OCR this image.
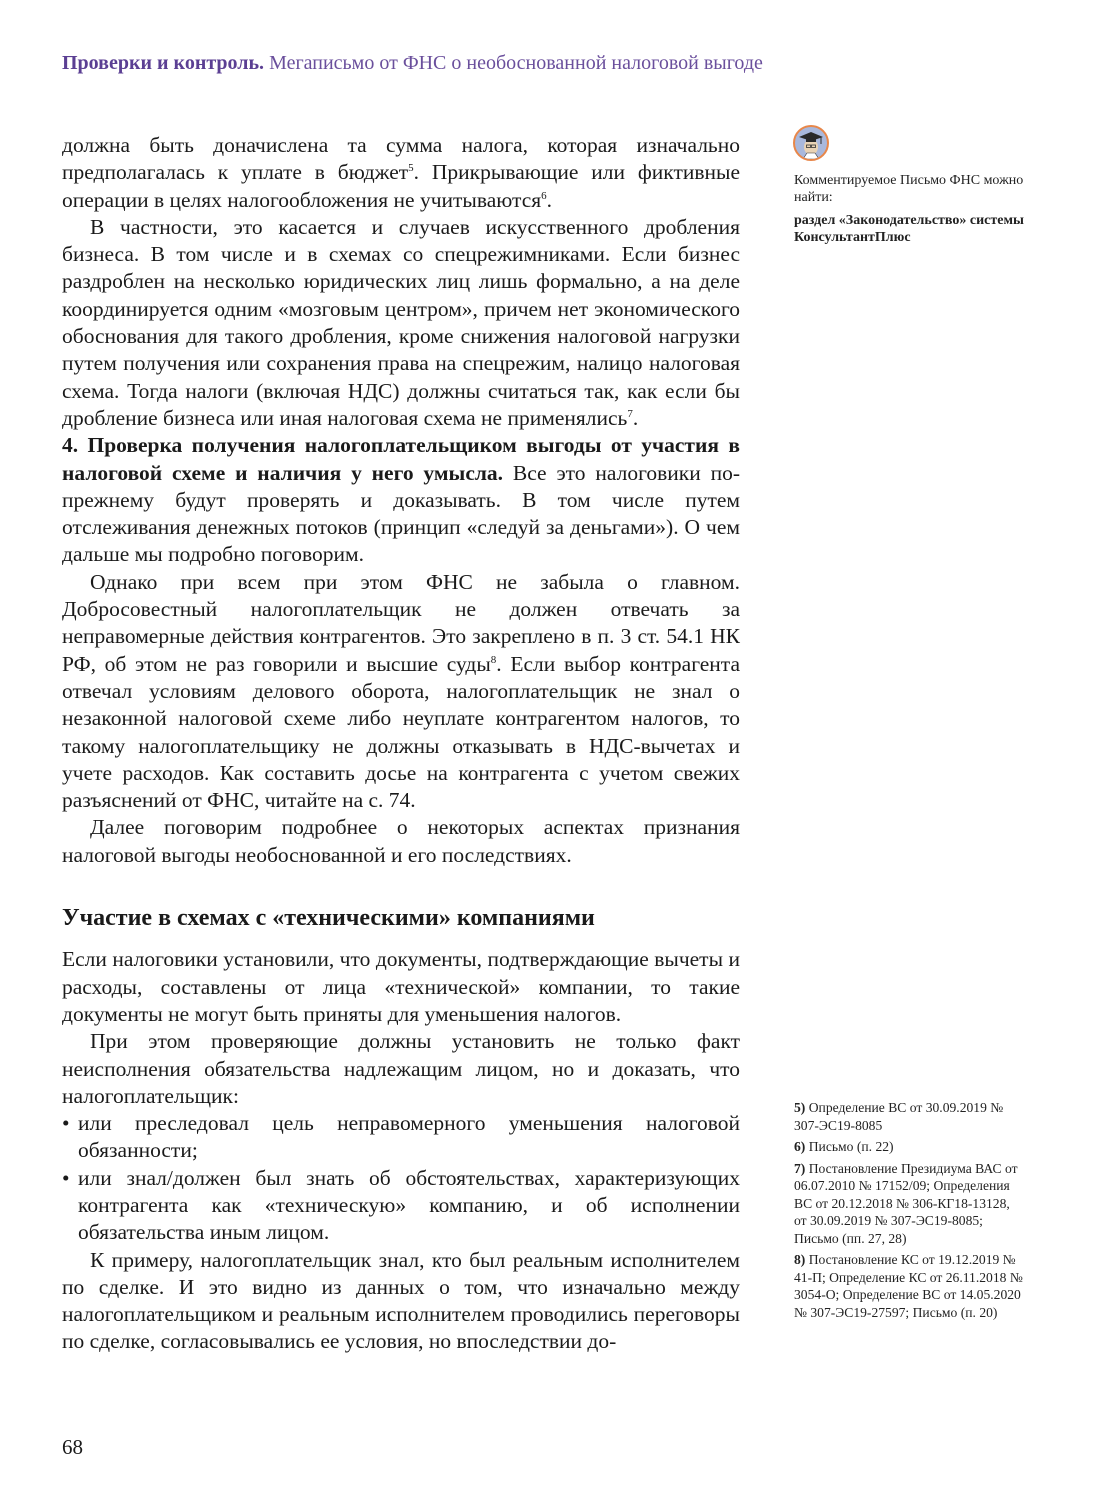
Проверки и контроль. Мегаписьмо от ФНС о необоснованной налоговой выгоде

должна быть доначислена та сумма налога, которая изначально предполагалась к уплате в бюджет$^5$. Прикрывающие или фиктивные операции в целях налогообложения не учитываются$^6$.

В частности, это касается и случаев искусственного дробления бизнеса. В том числе и в схемах со спецрежимниками. Если бизнес раздроблен на несколько юридических лиц лишь формально, а на деле координируется одним «мозговым центром», причем нет экономического обоснования для такого дробления, кроме снижения налоговой нагрузки путем получения или сохранения права на спецрежим, налицо налоговая схема. Тогда налоги (включая НДС) должны считаться так, как если бы дробление бизнеса или иная налоговая схема не применялись$^7$.

4. Проверка получения налогоплательщиком выгоды от участия в налоговой схеме и наличия у него умысла. Все это налоговики по-прежнему будут проверять и доказывать. В том числе путем отслеживания денежных потоков (принцип «следуй за деньгами»). О чем дальше мы подробно поговорим.

Однако при всем при этом ФНС не забыла о главном. Добросовестный налогоплательщик не должен отвечать за неправомерные действия контрагентов. Это закреплено в п. 3 ст. 54.1 НК РФ, об этом не раз говорили и высшие суды$^8$. Если выбор контрагента отвечал условиям делового оборота, налогоплательщик не знал о незаконной налоговой схеме либо неуплате контрагентом налогов, то такому налогоплательщику не должны отказывать в НДС-вычетах и учете расходов. Как составить досье на контрагента с учетом свежих разъяснений от ФНС, читайте на с. 74.

Далее поговорим подробнее о некоторых аспектах признания налоговой выгоды необоснованной и его последствиях.

Участие в схемах с «техническими» компаниями

Если налоговики установили, что документы, подтверждающие вычеты и расходы, составлены от лица «технической» компании, то такие документы не могут быть приняты для уменьшения налогов.

При этом проверяющие должны установить не только факт неисполнения обязательства надлежащим лицом, но и доказать, что налогоплательщик:

• или преследовал цель неправомерного уменьшения налоговой обязанности;

• или знал/должен был знать об обстоятельствах, характеризующих контрагента как «техническую» компанию, и об исполнении обязательства иным лицом.

К примеру, налогоплательщик знал, кто был реальным исполнителем по сделке. И это видно из данных о том, что изначально между налогоплательщиком и реальным исполнителем проводились переговоры по сделке, согласовывались ее условия, но впоследствии до-

Комментируемое Письмо ФНС можно найти:
раздел «Законодательство» системы КонсультантПлюс
5) Определение ВС от 30.09.2019 № 307-ЭС19-8085
6) Письмо (п. 22)
7) Постановление Президиума ВАС от 06.07.2010 № 17152/09; Определения ВС от 20.12.2018 № 306-КГ18-13128, от 30.09.2019 № 307-ЭС19-8085; Письмо (пп. 27, 28)
8) Постановление КС от 19.12.2019 № 41-П; Определение КС от 26.11.2018 № 3054-О; Определение ВС от 14.05.2020 № 307-ЭС19-27597; Письмо (п. 20)
68
